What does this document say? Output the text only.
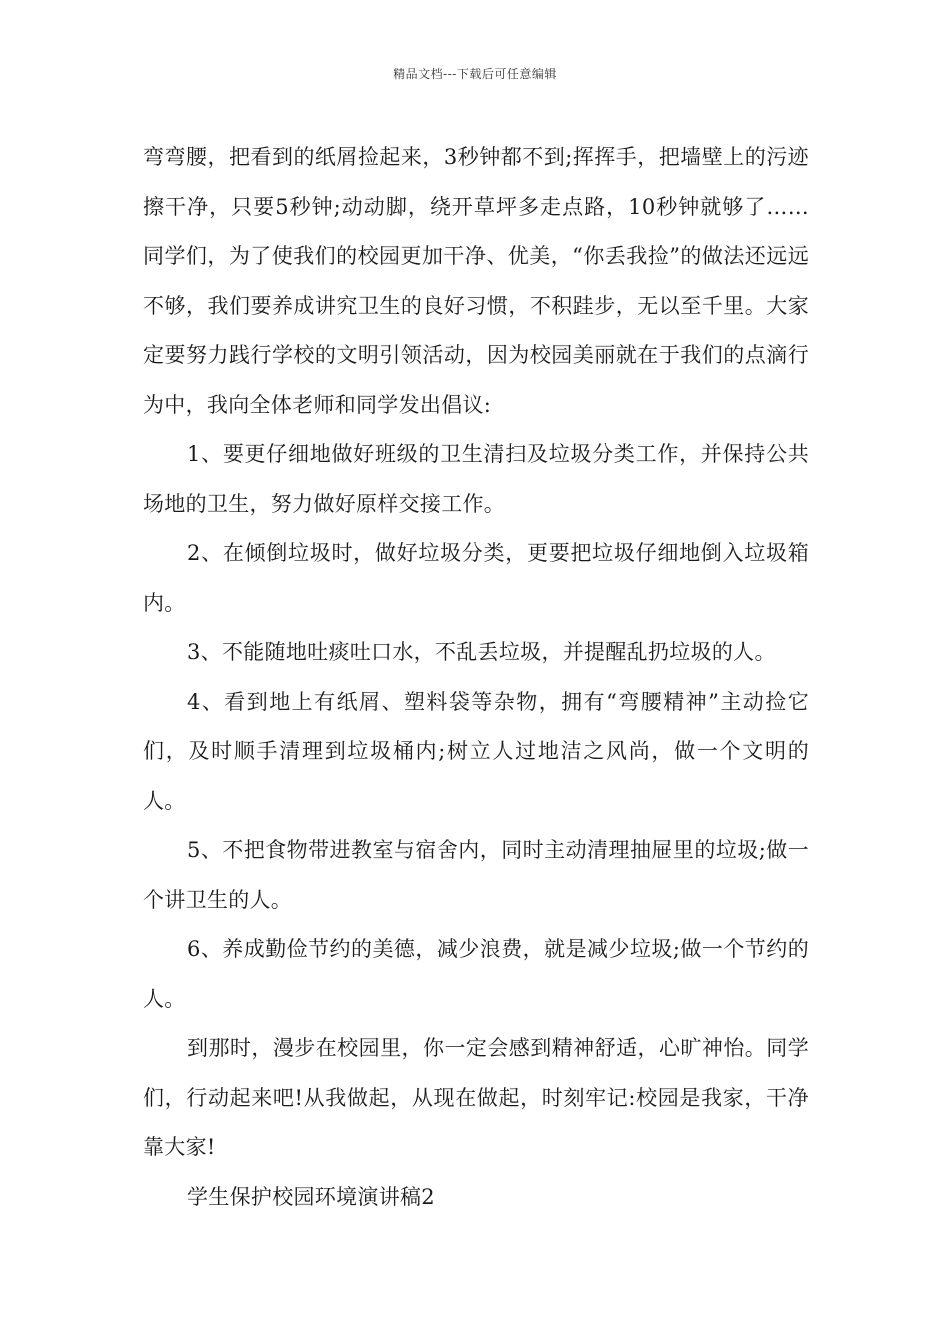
精品文档---下载后可任意编辑

弯弯腰，把看到的纸屑捡起来，3秒钟都不到;挥挥手，把墙壁上的污迹擦干净，只要5秒钟;动动脚，绕开草坪多走点路，10秒钟就够了……同学们，为了使我们的校园更加干净、优美，“你丢我捡”的做法还远远不够，我们要养成讲究卫生的良好习惯，不积跬步，无以至千里。大家定要努力践行学校的文明引领活动，因为校园美丽就在于我们的点滴行为中，我向全体老师和同学发出倡议:

1、要更仔细地做好班级的卫生清扫及垃圾分类工作，并保持公共场地的卫生，努力做好原样交接工作。

2、在倾倒垃圾时，做好垃圾分类，更要把垃圾仔细地倒入垃圾箱内。

3、不能随地吐痰吐口水，不乱丢垃圾，并提醒乱扔垃圾的人。

4、看到地上有纸屑、塑料袋等杂物，拥有“弯腰精神”主动捡它们，及时顺手清理到垃圾桶内;树立人过地洁之风尚，做一个文明的人。

5、不把食物带进教室与宿舍内，同时主动清理抽屉里的垃圾;做一个讲卫生的人。

6、养成勤俭节约的美德，减少浪费，就是减少垃圾;做一个节约的人。

到那时，漫步在校园里，你一定会感到精神舒适，心旷神怡。同学们，行动起来吧!从我做起，从现在做起，时刻牢记:校园是我家，干净靠大家!

学生保护校园环境演讲稿2
